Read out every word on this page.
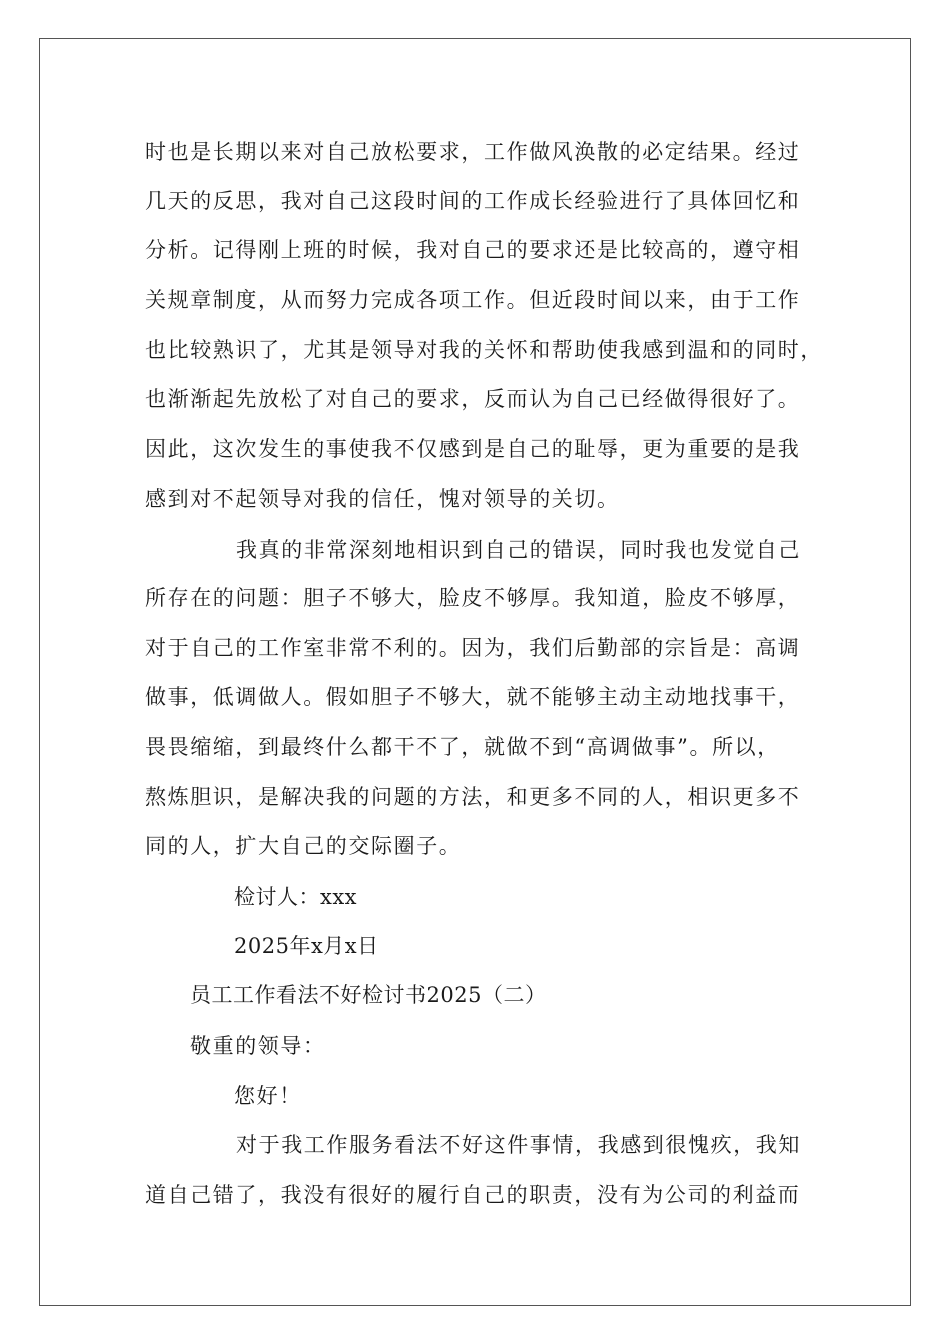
时也是长期以来对自己放松要求，工作做风涣散的必定结果。经过
几天的反思，我对自己这段时间的工作成长经验进行了具体回忆和
分析。记得刚上班的时候，我对自己的要求还是比较高的，遵守相
关规章制度，从而努力完成各项工作。但近段时间以来，由于工作
也比较熟识了，尤其是领导对我的关怀和帮助使我感到温和的同时，
也渐渐起先放松了对自己的要求，反而认为自己已经做得很好了。
因此，这次发生的事使我不仅感到是自己的耻辱，更为重要的是我
感到对不起领导对我的信任，愧对领导的关切。
我真的非常深刻地相识到自己的错误，同时我也发觉自己
所存在的问题：胆子不够大，脸皮不够厚。我知道，脸皮不够厚，
对于自己的工作室非常不利的。因为，我们后勤部的宗旨是：高调
做事，低调做人。假如胆子不够大，就不能够主动主动地找事干，
畏畏缩缩，到最终什么都干不了，就做不到“高调做事”。所以，
熬炼胆识，是解决我的问题的方法，和更多不同的人，相识更多不
同的人，扩大自己的交际圈子。
检讨人：xxx
2025年x月x日
员工工作看法不好检讨书2025（二）
敬重的领导：
您好！
对于我工作服务看法不好这件事情，我感到很愧疚，我知
道自己错了，我没有很好的履行自己的职责，没有为公司的利益而
